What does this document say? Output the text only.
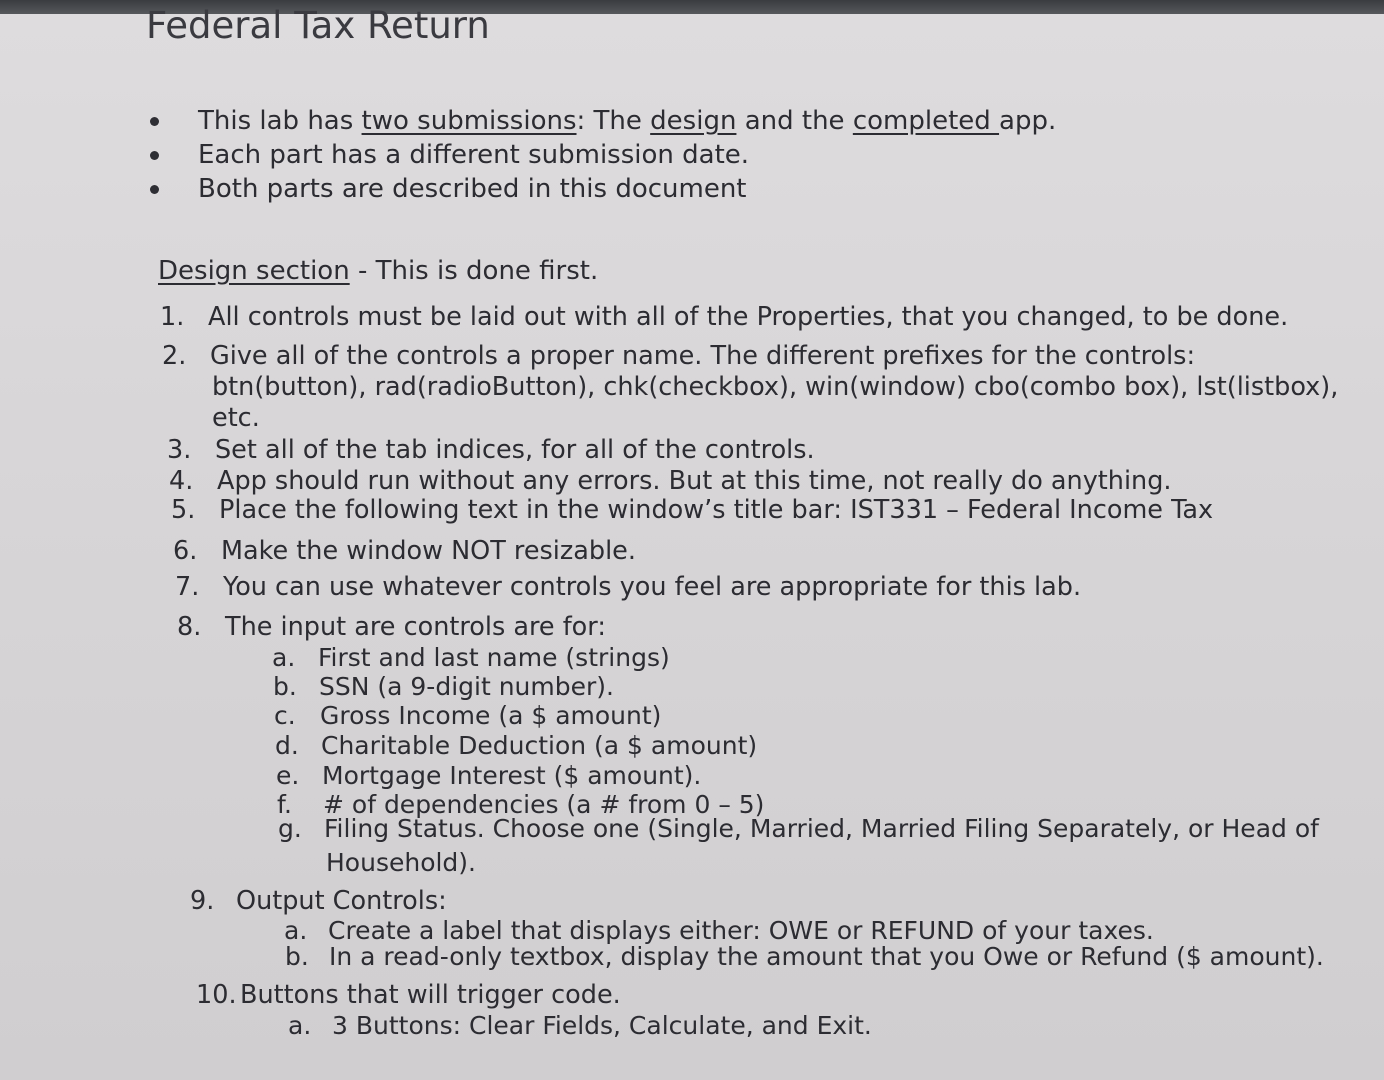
Federal Tax Return
This lab has two submissions: The design and the completed app.
Each part has a different submission date.
Both parts are described in this document
Design section - This is done first.
1. All controls must be laid out with all of the Properties, that you changed, to be done.
2. Give all of the controls a proper name. The different prefixes for the controls:
btn(button), rad(radioButton), chk(checkbox), win(window) cbo(combo box), lst(listbox),
etc.
3. Set all of the tab indices, for all of the controls.
4. App should run without any errors. But at this time, not really do anything.
5. Place the following text in the window’s title bar: IST331 – Federal Income Tax
6. Make the window NOT resizable.
7. You can use whatever controls you feel are appropriate for this lab.
8. The input are controls are for:
a. First and last name (strings)
b. SSN (a 9-digit number).
c. Gross Income (a $ amount)
d. Charitable Deduction (a $ amount)
e. Mortgage Interest ($ amount).
f. # of dependencies (a # from 0 – 5)
g. Filing Status. Choose one (Single, Married, Married Filing Separately, or Head of
Household).
9. Output Controls:
a. Create a label that displays either: OWE or REFUND of your taxes.
b. In a read-only textbox, display the amount that you Owe or Refund ($ amount).
10. Buttons that will trigger code.
a. 3 Buttons: Clear Fields, Calculate, and Exit.
